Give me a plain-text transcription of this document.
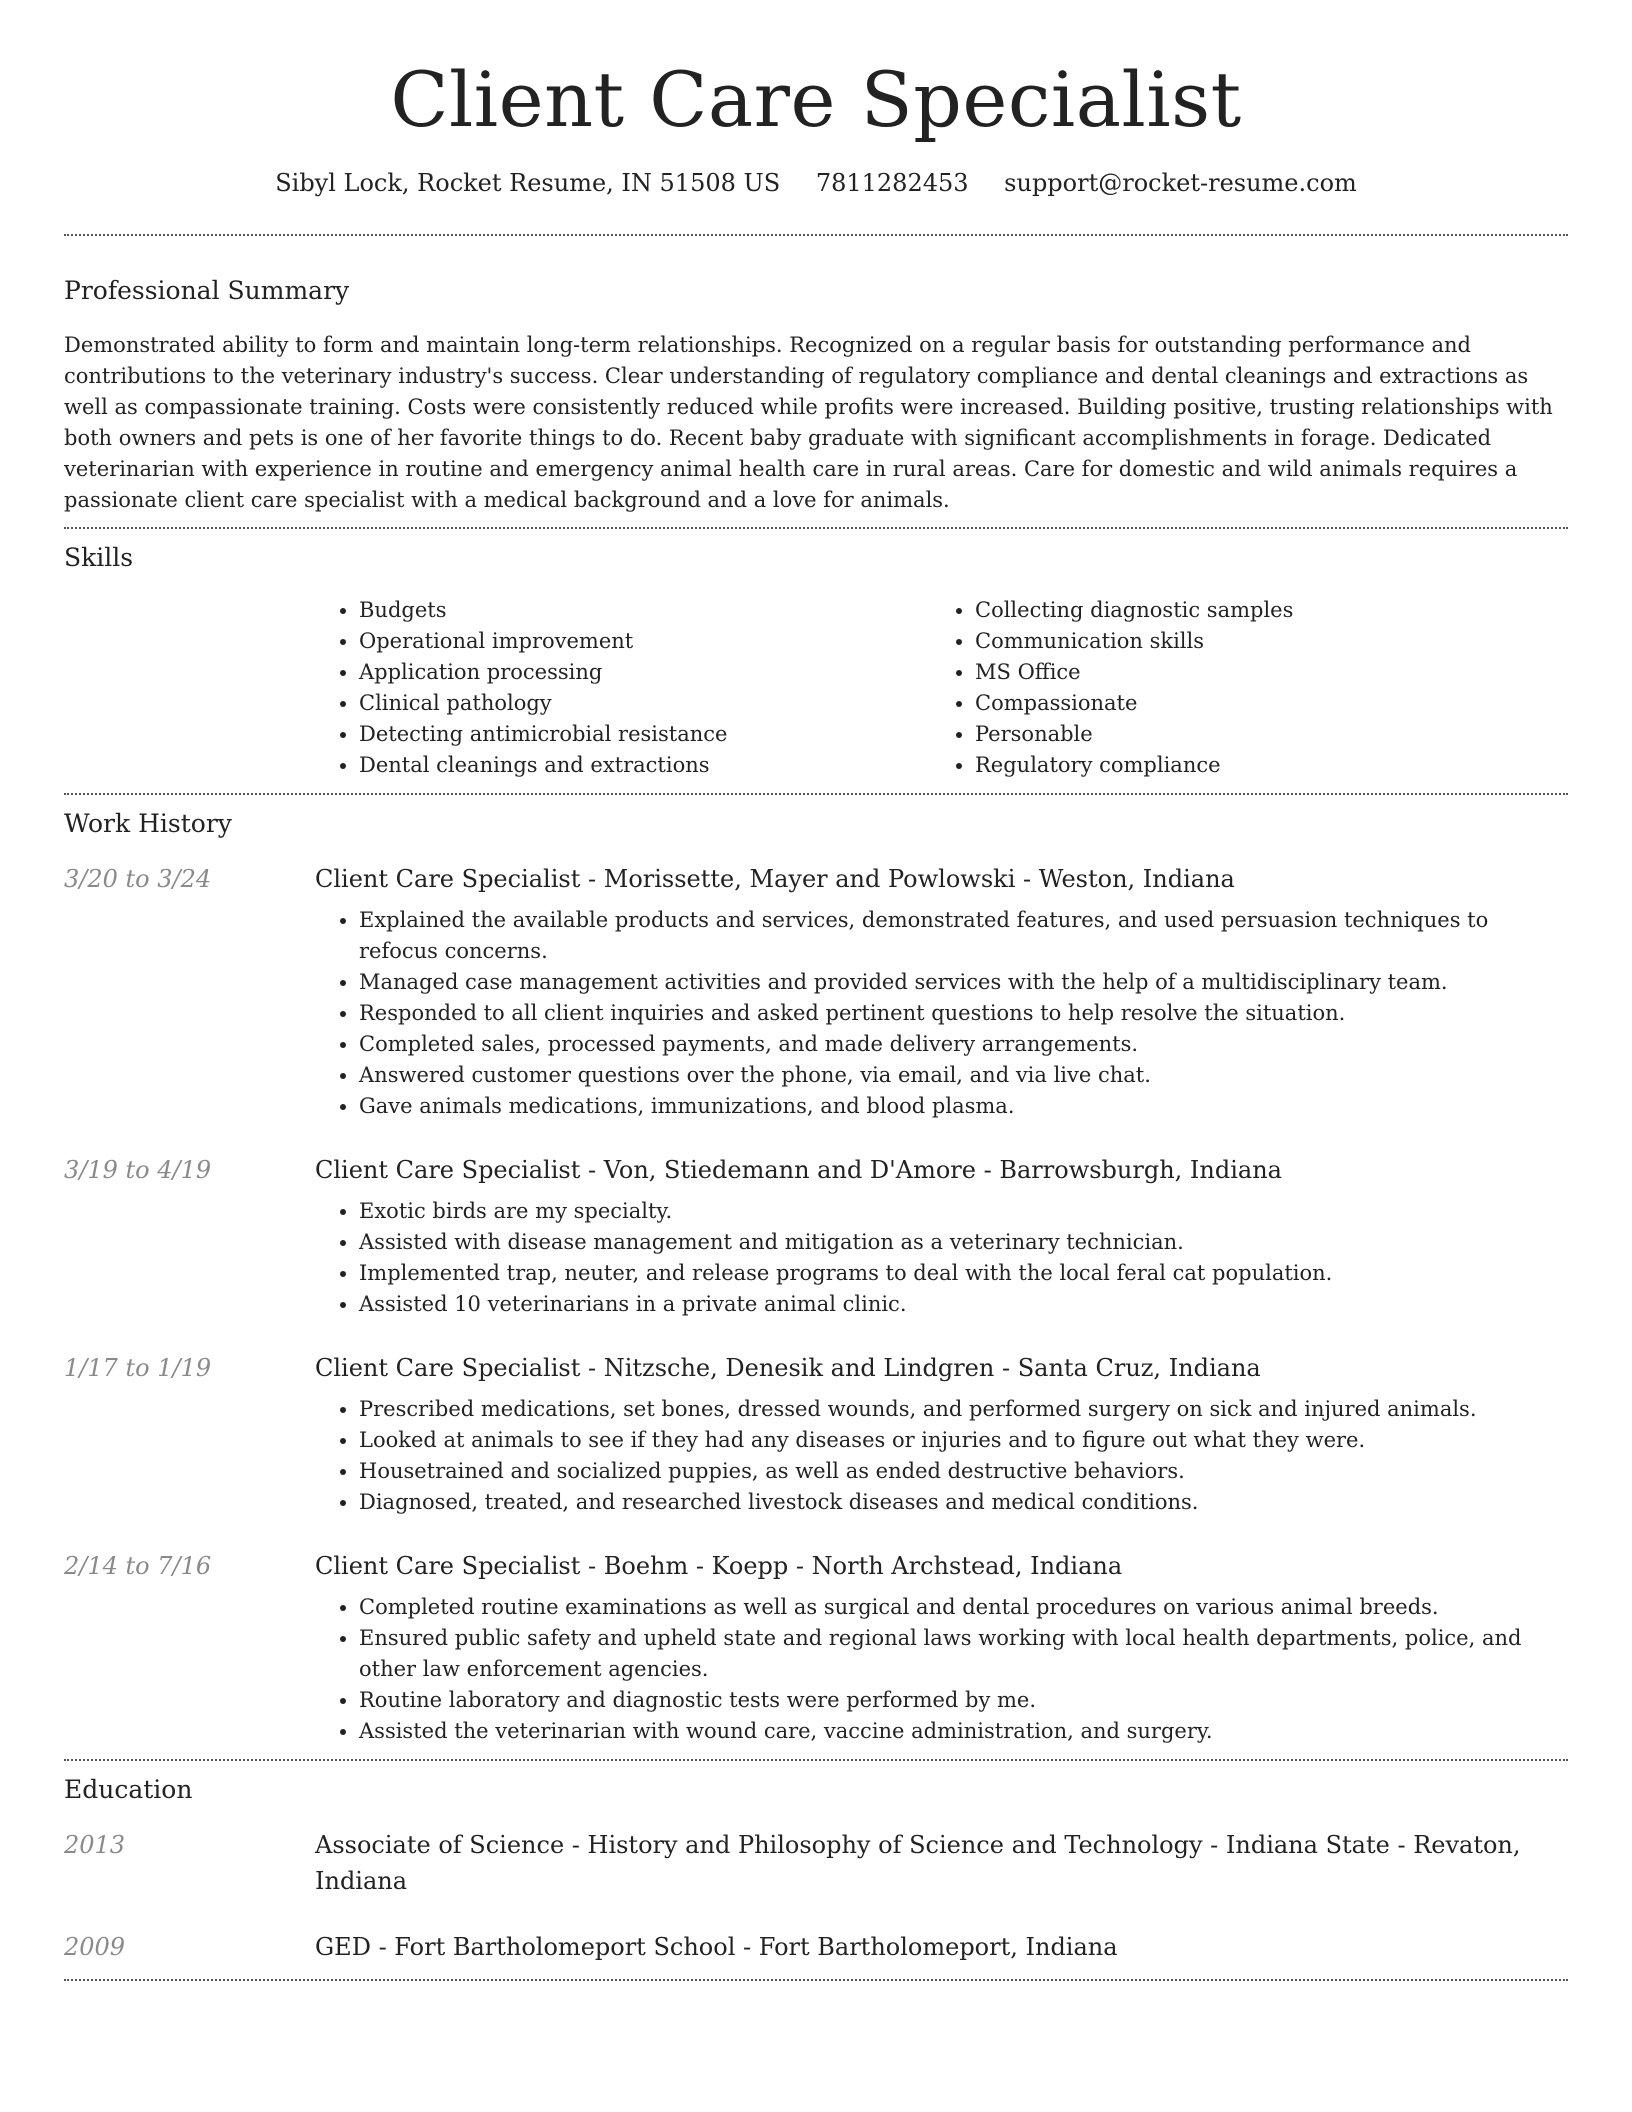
Client Care Specialist
Sibyl Lock, Rocket Resume, IN 51508 US 7811282453 support@rocket-resume.com
Professional Summary

Demonstrated ability to form and maintain long-term relationships. Recognized on a regular basis for outstanding performance and contributions to the veterinary industry's success. Clear understanding of regulatory compliance and dental cleanings and extractions as well as compassionate training. Costs were consistently reduced while profits were increased. Building positive, trusting relationships with both owners and pets is one of her favorite things to do. Recent baby graduate with significant accomplishments in forage. Dedicated veterinarian with experience in routine and emergency animal health care in rural areas. Care for domestic and wild animals requires a passionate client care specialist with a medical background and a love for animals.

Skills
• Budgets
• Operational improvement
• Application processing
• Clinical pathology
• Detecting antimicrobial resistance
• Dental cleanings and extractions
• Collecting diagnostic samples
• Communication skills
• MS Office
• Compassionate
• Personable
• Regulatory compliance
Work History
3/20 to 3/24	Client Care Specialist - Morissette, Mayer and Powlowski - Weston, Indiana
• Explained the available products and services, demonstrated features, and used persuasion techniques to refocus concerns.
• Managed case management activities and provided services with the help of a multidisciplinary team.
• Responded to all client inquiries and asked pertinent questions to help resolve the situation.
• Completed sales, processed payments, and made delivery arrangements.
• Answered customer questions over the phone, via email, and via live chat.
• Gave animals medications, immunizations, and blood plasma.
3/19 to 4/19	Client Care Specialist - Von, Stiedemann and D'Amore - Barrowsburgh, Indiana
• Exotic birds are my specialty.
• Assisted with disease management and mitigation as a veterinary technician.
• Implemented trap, neuter, and release programs to deal with the local feral cat population.
• Assisted 10 veterinarians in a private animal clinic.
1/17 to 1/19	Client Care Specialist - Nitzsche, Denesik and Lindgren - Santa Cruz, Indiana
• Prescribed medications, set bones, dressed wounds, and performed surgery on sick and injured animals.
• Looked at animals to see if they had any diseases or injuries and to figure out what they were.
• Housetrained and socialized puppies, as well as ended destructive behaviors.
• Diagnosed, treated, and researched livestock diseases and medical conditions.
2/14 to 7/16	Client Care Specialist - Boehm - Koepp - North Archstead, Indiana
• Completed routine examinations as well as surgical and dental procedures on various animal breeds.
• Ensured public safety and upheld state and regional laws working with local health departments, police, and other law enforcement agencies.
• Routine laboratory and diagnostic tests were performed by me.
• Assisted the veterinarian with wound care, vaccine administration, and surgery.
Education
2013	Associate of Science - History and Philosophy of Science and Technology - Indiana State - Revaton, Indiana
2009	GED - Fort Bartholomeport School - Fort Bartholomeport, Indiana
